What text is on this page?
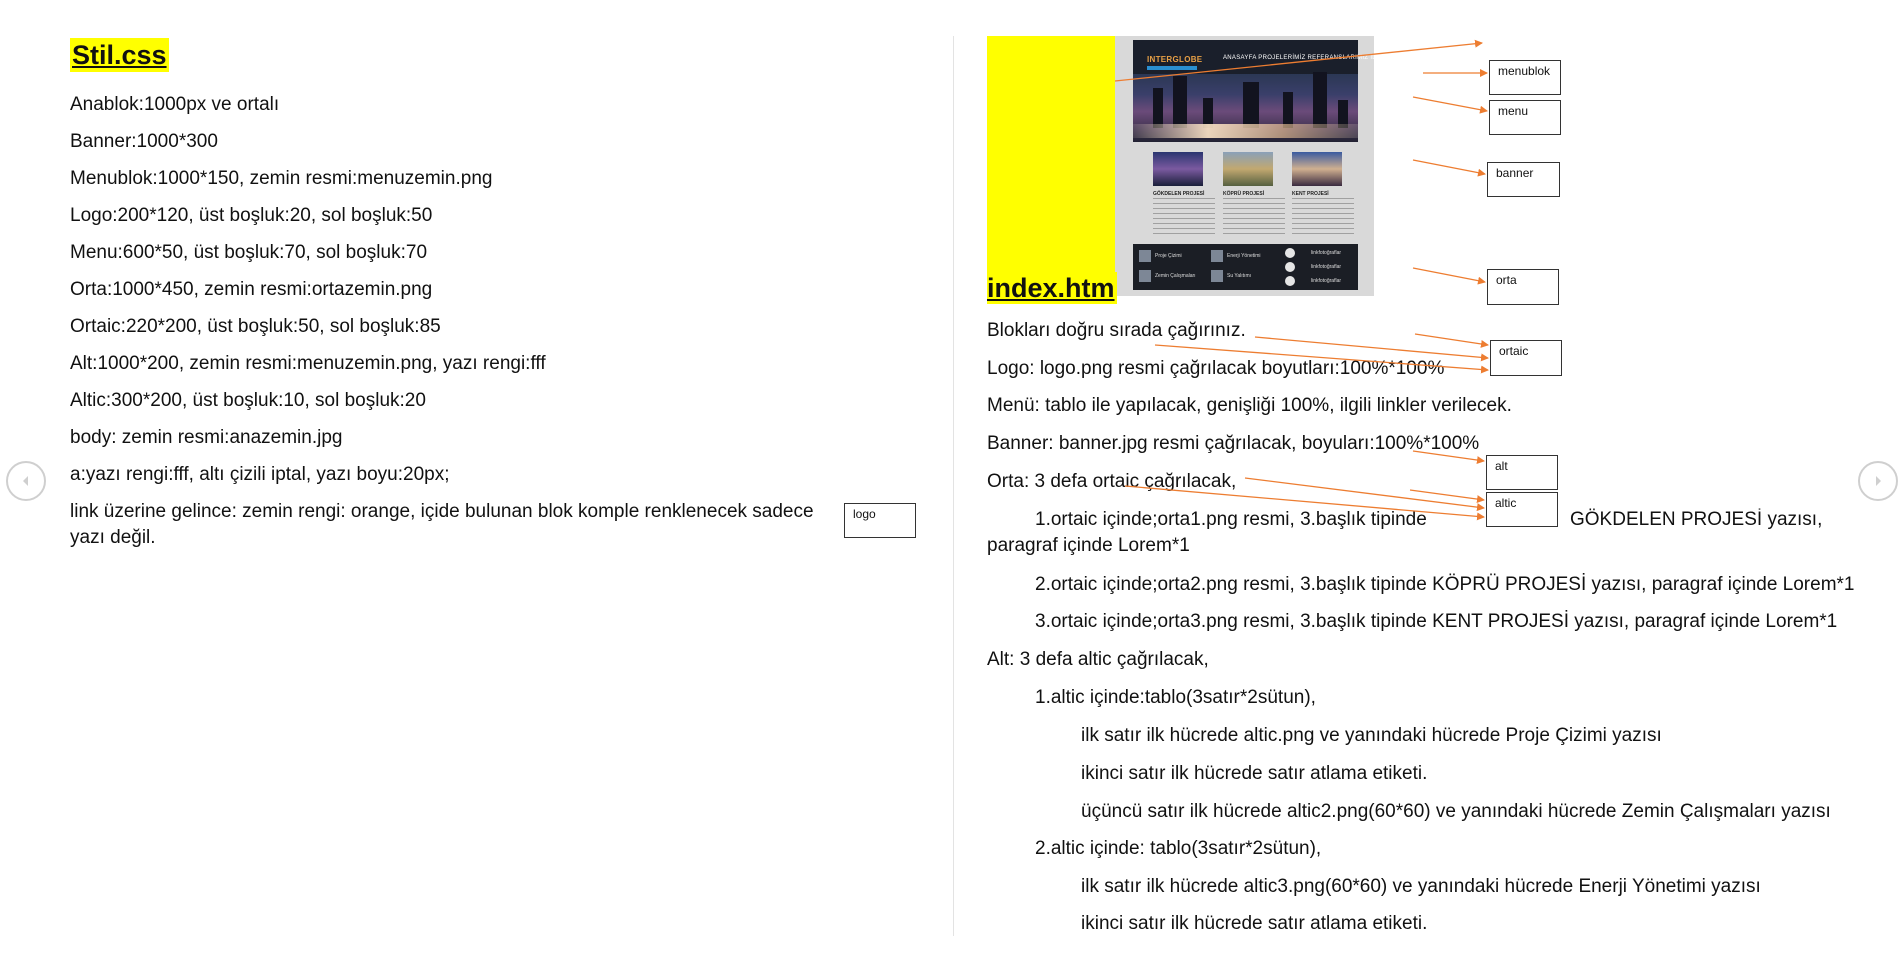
Stil.css
Anablok:1000px ve ortalı
Banner:1000*300
Menublok:1000*150, zemin resmi:menuzemin.png
Logo:200*120, üst boşluk:20, sol boşluk:50
Menu:600*50, üst boşluk:70, sol boşluk:70
Orta:1000*450, zemin resmi:ortazemin.png
Ortaic:220*200, üst boşluk:50, sol boşluk:85
Alt:1000*200, zemin resmi:menuzemin.png, yazı rengi:fff
Altic:300*200, üst boşluk:10, sol boşluk:20
body: zemin resmi:anazemin.jpg
a:yazı rengi:fff, altı çizili iptal, yazı boyu:20px;
link üzerine gelince: zemin rengi: orange, içide bulunan blok komple renklenecek sadece yazı değil.
logo
INTERGLOBE	ANASAYFA PROJELERİMİZ REFERANSLARIMIZ İLETİŞİM
GÖKDELEN PROJESİ	KÖPRÜ PROJESİ	KENT PROJESİ
Proje Çizimi
Zemin Çalışmaları
Enerji Yönetimi
Su Yalıtımı
linkfotoğraflar
linkfotoğraflar
linkfotoğraflar
index.htm
Blokları doğru sırada çağırınız.
Logo: logo.png resmi çağrılacak boyutları:100%*100%
Menü: tablo ile yapılacak, genişliği 100%, ilgili linkler verilecek.
Banner: banner.jpg resmi çağrılacak, boyuları:100%*100%
Orta: 3 defa ortaic çağrılacak,
1.ortaic içinde;orta1.png resmi, 3.başlık tipinde	GÖKDELEN PROJESİ yazısı,
paragraf içinde Lorem*1
2.ortaic içinde;orta2.png resmi, 3.başlık tipinde KÖPRÜ PROJESİ yazısı, paragraf içinde Lorem*1
3.ortaic içinde;orta3.png resmi, 3.başlık tipinde KENT PROJESİ yazısı, paragraf içinde Lorem*1
Alt: 3 defa altic çağrılacak,
1.altic içinde:tablo(3satır*2sütun),
ilk satır ilk hücrede altic.png ve yanındaki hücrede Proje Çizimi yazısı
ikinci satır ilk hücrede satır atlama etiketi.
üçüncü satır ilk hücrede altic2.png(60*60) ve yanındaki hücrede Zemin Çalışmaları yazısı
2.altic içinde: tablo(3satır*2sütun),
ilk satır ilk hücrede altic3.png(60*60) ve yanındaki hücrede Enerji Yönetimi yazısı
ikinci satır ilk hücrede satır atlama etiketi.
menublok
menu
banner
orta
ortaic
alt
altic
